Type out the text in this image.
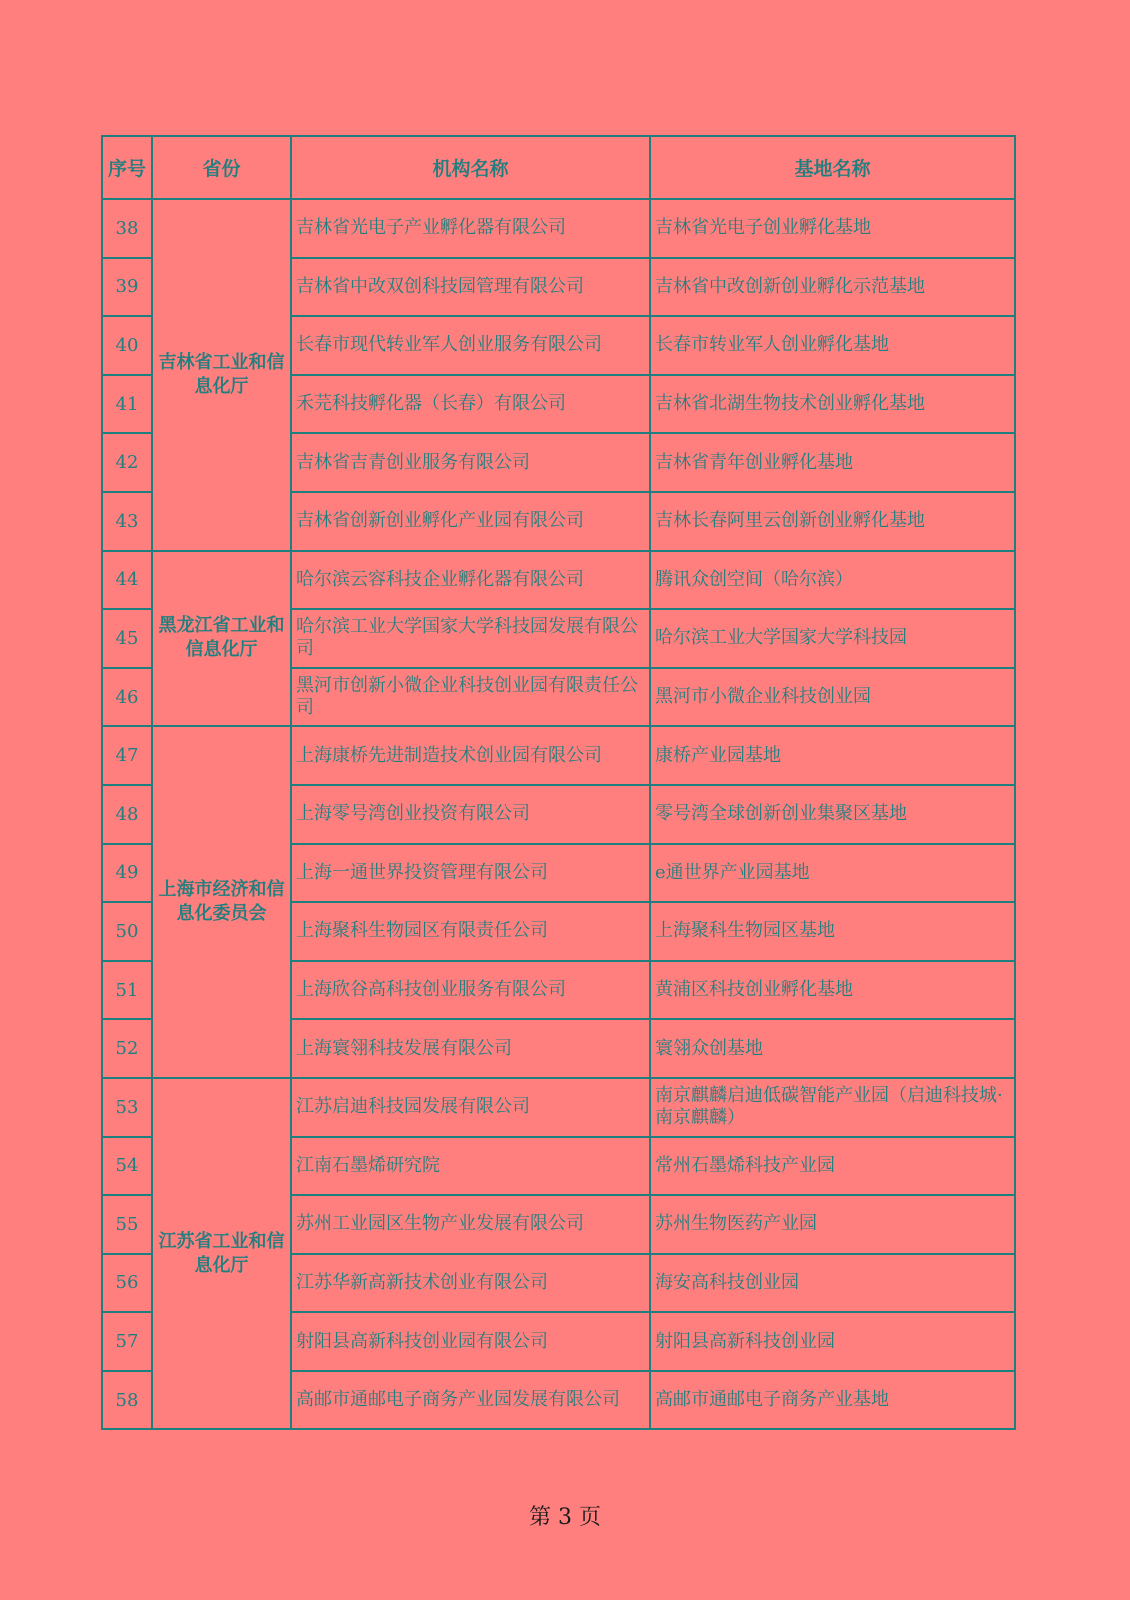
序号	省份	机构名称	基地名称
38	吉林省工业和信息化厅	吉林省光电子产业孵化器有限公司	吉林省光电子创业孵化基地
39		吉林省中改双创科技园管理有限公司	吉林省中改创新创业孵化示范基地
40		长春市现代转业军人创业服务有限公司	长春市转业军人创业孵化基地
41		禾芫科技孵化器（长春）有限公司	吉林省北湖生物技术创业孵化基地
42		吉林省吉青创业服务有限公司	吉林省青年创业孵化基地
43		吉林省创新创业孵化产业园有限公司	吉林长春阿里云创新创业孵化基地
44	黑龙江省工业和信息化厅	哈尔滨云容科技企业孵化器有限公司	腾讯众创空间（哈尔滨）
45		哈尔滨工业大学国家大学科技园发展有限公司	哈尔滨工业大学国家大学科技园
46		黑河市创新小微企业科技创业园有限责任公司	黑河市小微企业科技创业园
47	上海市经济和信息化委员会	上海康桥先进制造技术创业园有限公司	康桥产业园基地
48		上海零号湾创业投资有限公司	零号湾全球创新创业集聚区基地
49		上海一通世界投资管理有限公司	e通世界产业园基地
50		上海聚科生物园区有限责任公司	上海聚科生物园区基地
51		上海欣谷高科技创业服务有限公司	黄浦区科技创业孵化基地
52		上海寰翎科技发展有限公司	寰翎众创基地
53	江苏省工业和信息化厅	江苏启迪科技园发展有限公司	南京麒麟启迪低碳智能产业园（启迪科技城·南京麒麟）
54		江南石墨烯研究院	常州石墨烯科技产业园
55		苏州工业园区生物产业发展有限公司	苏州生物医药产业园
56		江苏华新高新技术创业有限公司	海安高科技创业园
57		射阳县高新科技创业园有限公司	射阳县高新科技创业园
58		高邮市通邮电子商务产业园发展有限公司	高邮市通邮电子商务产业基地
第 3 页
